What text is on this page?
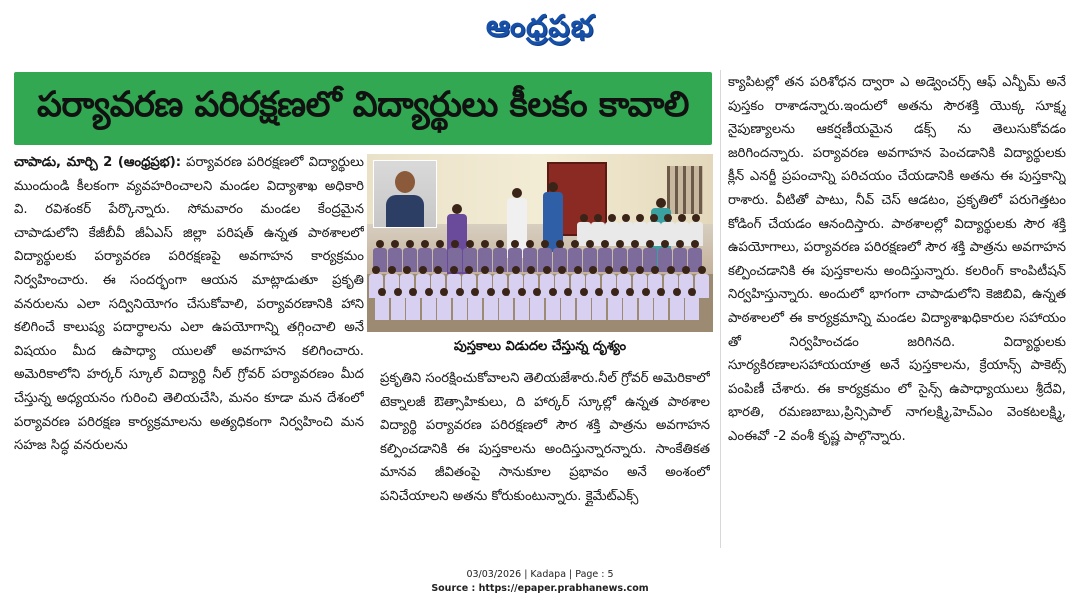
ఆంధ్రప్రభ
పర్యావరణ పరిరక్షణలో విద్యార్థులు కీలకం కావాలి
చాపాడు, మార్చి 2 (ఆంధ్రప్రభ): పర్యావరణ పరిరక్షణలో విద్యార్థులు ముందుండి కీలకంగా వ్యవహరించాలని మండల విద్యాశాఖ అధికారి వి. రవిశంకర్ పేర్కొన్నారు. సోమవారం మండల కేంద్రమైన చాపాడులోని కేజీబీవీ జీఏఎస్ జిల్లా పరిషత్ ఉన్నత పాఠశాలలో విద్యార్థులకు పర్యావరణ పరిరక్షణపై అవగాహన కార్యక్రమం నిర్వహించారు. ఈ సందర్భంగా ఆయన మాట్లాడుతూ ప్రకృతి వనరులను ఎలా సద్వినియోగం చేసుకోవాలి, పర్యావరణానికి హాని కలిగించే కాలుష్య పదార్థాలను ఎలా ఉపయోగాన్ని తగ్గించాలి అనే విషయం మీద ఉపాధ్యా యులతో అవగాహన కలిగించారు. అమెరికాలోని హర్కర్ స్కూల్ విద్యార్థి నీల్ గ్రోవర్ పర్యావరణం మీద చేస్తున్న అధ్యయనం గురించి తెలియచేసి, మనం కూడా మన దేశంలో పర్యావరణ పరిరక్షణ కార్యక్రమాలను అత్యధికంగా నిర్వహించి మన సహజ సిద్ధ వనరులను
పుస్తకాలు విడుదల చేస్తున్న దృశ్యం
ప్రకృతిని సంరక్షించుకోవాలని తెలియజేశారు.నీల్ గ్రోవర్ అమెరికాలో టెక్నాలజీ ఔత్సాహికులు, ది హార్కర్ స్కూల్లో ఉన్నత పాఠశాల విద్యార్థి పర్యావరణ పరిరక్షణలో సౌర శక్తి పాత్రను అవగాహన కల్పించడానికి ఈ పుస్తకాలను అందిస్తున్నారన్నారు. సాంకేతికత మానవ జీవితంపై సానుకూల ప్రభావం అనే అంశంలో పనిచేయాలని అతను కోరుకుంటున్నారు. క్లైమేట్ఎక్స్
క్యాపిటల్లో తన పరిశోధన ద్వారా ఎ అడ్వెంచర్స్ ఆఫ్ ఎన్బీమ్ అనే పుస్తకం రాశాడన్నారు.ఇందులో అతను సౌరశక్తి యొక్క సూక్ష్మ నైపుణ్యాలను ఆకర్షణీయమైన డక్స్ ను తెలుసుకోవడం జరిగిందన్నారు. పర్యావరణ అవగాహన పెంచడానికి విద్యార్థులకు క్లీన్ ఎనర్జీ ప్రపంచాన్ని పరిచయం చేయడానికి అతను ఈ పుస్తకాన్ని రాశారు. వీటితో పాటు, నీవ్ చెస్ ఆడటం, ప్రకృతిలో పరుగెత్తటం కోడింగ్ చేయడం ఆనందిస్తారు. పాఠశాలల్లో విద్యార్థులకు సౌర శక్తి ఉపయోగాలు, పర్యావరణ పరిరక్షణలో సౌర శక్తి పాత్రను అవగాహన కల్పించడానికి ఈ పుస్తకాలను అందిస్తున్నారు. కలరింగ్ కాంపిటీషన్ నిర్వహిస్తున్నారు. అందులో భాగంగా చాపాడులోని కెజిబివి, ఉన్నత పాఠశాలలో ఈ కార్యక్రమాన్ని మండల విద్యాశాఖధికారుల సహాయం తో నిర్వహించడం జరిగినది. విద్యార్థులకు సూర్యకిరణాలసహాయయాత్ర అనే పుస్తకాలను, క్రేయాన్స్ పాకెట్స్ పంపిణీ చేశారు. ఈ కార్యక్రమం లో సైన్స్ ఉపాధ్యాయులు శ్రీదేవి, భారతి, రమణబాబు,ప్రిన్సిపాల్ నాగలక్ష్మి,హెచ్ఎం వెంకటలక్ష్మి, ఎంఈవో -2 వంశీ కృష్ణ పాల్గొన్నారు.
03/03/2026 | Kadapa | Page : 5
Source : https://epaper.prabhanews.com
